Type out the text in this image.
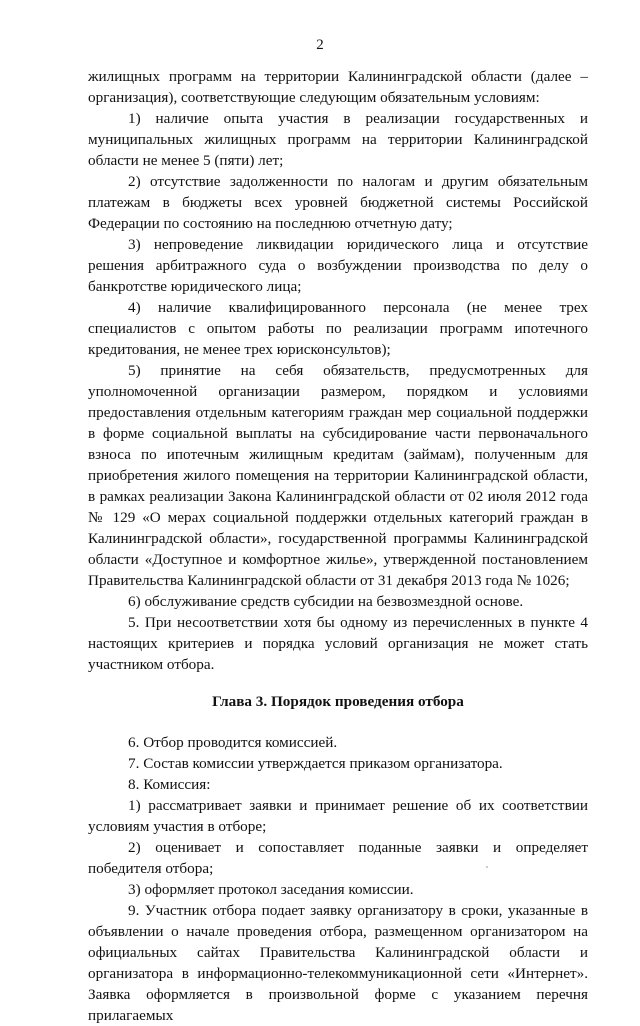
2

жилищных программ на территории Калининградской области (далее – организация), соответствующие следующим обязательным условиям:

1) наличие опыта участия в реализации государственных и муниципальных жилищных программ на территории Калининградской области не менее 5 (пяти) лет;

2) отсутствие задолженности по налогам и другим обязательным платежам в бюджеты всех уровней бюджетной системы Российской Федерации по состоянию на последнюю отчетную дату;

3) непроведение ликвидации юридического лица и отсутствие решения арбитражного суда о возбуждении производства по делу о банкротстве юридического лица;

4) наличие квалифицированного персонала (не менее трех специалистов с опытом работы по реализации программ ипотечного кредитования, не менее трех юрисконсультов);

5) принятие на себя обязательств, предусмотренных для уполномоченной организации размером, порядком и условиями предоставления отдельным категориям граждан мер социальной поддержки в форме социальной выплаты на субсидирование части первоначального взноса по ипотечным жилищным кредитам (займам), полученным для приобретения жилого помещения на территории Калининградской области, в рамках реализации Закона Калининградской области от 02 июля 2012 года № 129 «О мерах социальной поддержки отдельных категорий граждан в Калининградской области», государственной программы Калининградской области «Доступное и комфортное жилье», утвержденной постановлением Правительства Калининградской области от 31 декабря 2013 года № 1026;

6) обслуживание средств субсидии на безвозмездной основе.

5. При несоответствии хотя бы одному из перечисленных в пункте 4 настоящих критериев и порядка условий организация не может стать участником отбора.

Глава 3. Порядок проведения отбора

6. Отбор проводится комиссией.

7. Состав комиссии утверждается приказом организатора.

8. Комиссия:

1) рассматривает заявки и принимает решение об их соответствии условиям участия в отборе;

2) оценивает и сопоставляет поданные заявки и определяет победителя отбора;

3) оформляет протокол заседания комиссии.

9. Участник отбора подает заявку организатору в сроки, указанные в объявлении о начале проведения отбора, размещенном организатором на официальных сайтах Правительства Калининградской области и организатора в информационно-телекоммуникационной сети «Интернет». Заявка оформляется в произвольной форме с указанием перечня прилагаемых
